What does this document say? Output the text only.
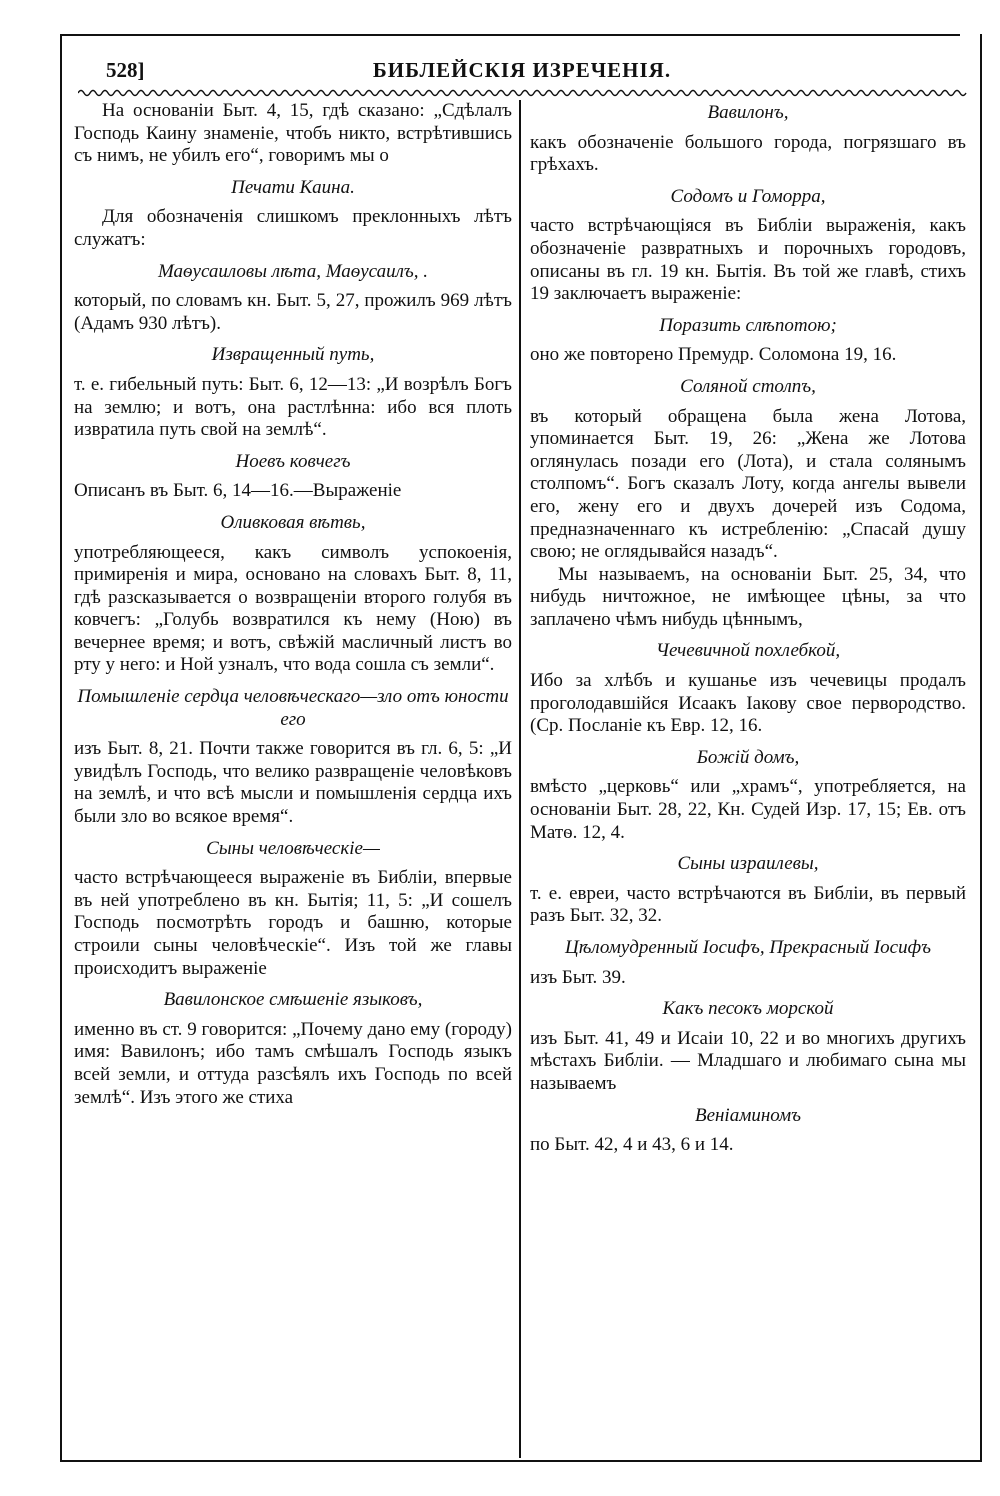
528]	БИБЛЕЙСКІЯ ИЗРЕЧЕНІЯ.

На основаніи Быт. 4, 15, гдѣ сказано: „Сдѣлалъ Господь Каину знаменіе, чтобъ никто, встрѣтившись съ нимъ, не убилъ его“, говоримъ мы о

Печати Каина.

Для обозначенія слишкомъ преклонныхъ лѣтъ служатъ:

Маѳусаиловы лѣта, Маѳусаилъ, .

который, по словамъ кн. Быт. 5, 27, прожилъ 969 лѣтъ (Адамъ 930 лѣтъ).

Извращенный путь,

т. е. гибельный путь: Быт. 6, 12—13: „И возрѣлъ Богъ на землю; и вотъ, она растлѣнна: ибо вся плоть извратила путь свой на землѣ“.

Ноевъ ковчегъ

Описанъ въ Быт. 6, 14—16.—Выраженіе

Оливковая вѣтвь,

употребляющееся, какъ символъ успокоенія, примиренія и мира, основано на словахъ Быт. 8, 11, гдѣ разсказывается о возвращеніи второго голубя въ ковчегъ: „Голубь возвратился къ нему (Ною) въ вечернее время; и вотъ, свѣжій масличный листъ во рту у него: и Ной узналъ, что вода сошла съ земли“.

Помышленіе сердца человѣческаго—зло отъ юности его

изъ Быт. 8, 21. Почти также говорится въ гл. 6, 5: „И увидѣлъ Господь, что велико развращеніе человѣковъ на землѣ, и что всѣ мысли и помышленія сердца ихъ были зло во всякое время“.

Сыны человѣческіе—

часто встрѣчающееся выраженіе въ Библіи, впервые въ ней употреблено въ кн. Бытія; 11, 5: „И сошелъ Господь посмотрѣть городъ и башню, которые строили сыны человѣческіе“. Изъ той же главы происходитъ выраженіе

Вавилонское смѣшеніе языковъ,

именно въ ст. 9 говорится: „Почему дано ему (городу) имя: Вавилонъ; ибо тамъ смѣшалъ Господь языкъ всей земли, и оттуда разсѣялъ ихъ Господь по всей землѣ“. Изъ этого же стиха

Вавилонъ,

какъ обозначеніе большого города, погрязшаго въ грѣхахъ.

Содомъ и Гоморра,

часто встрѣчающіяся въ Библіи выраженія, какъ обозначеніе развратныхъ и порочныхъ городовъ, описаны въ гл. 19 кн. Бытія. Въ той же главѣ, стихъ 19 заключаетъ выраженіе:

Поразить слѣпотою;

оно же повторено Премудр. Соломона 19, 16.

Соляной столпъ,

въ который обращена была жена Лотова, упоминается Быт. 19, 26: „Жена же Лотова оглянулась позади его (Лота), и стала солянымъ столпомъ“. Богъ сказалъ Лоту, когда ангелы вывели его, жену его и двухъ дочерей изъ Содома, предназначеннаго къ истребленію: „Спасай душу свою; не оглядывайся назадъ“.

Мы называемъ, на основаніи Быт. 25, 34, что нибудь ничтожное, не имѣющее цѣны, за что заплачено чѣмъ нибудь цѣннымъ,

Чечевичной похлебкой,

Ибо за хлѣбъ и кушанье изъ чечевицы продалъ проголодавшійся Исаакъ Іакову свое первородство. (Ср. Посланіе къ Евр. 12, 16.

Божій домъ,

вмѣсто „церковь“ или „храмъ“, употребляется, на основаніи Быт. 28, 22, Кн. Судей Изр. 17, 15; Ев. отъ Матѳ. 12, 4.

Сыны израилевы,

т. е. евреи, часто встрѣчаются въ Библіи, въ первый разъ Быт. 32, 32.

Цѣломудренный Іосифъ, Прекрасный Іосифъ

изъ Быт. 39.

Какъ песокъ морской

изъ Быт. 41, 49 и Исаіи 10, 22 и во многихъ другихъ мѣстахъ Библіи. — Младшаго и любимаго сына мы называемъ

Веніаминомъ

по Быт. 42, 4 и 43, 6 и 14.
